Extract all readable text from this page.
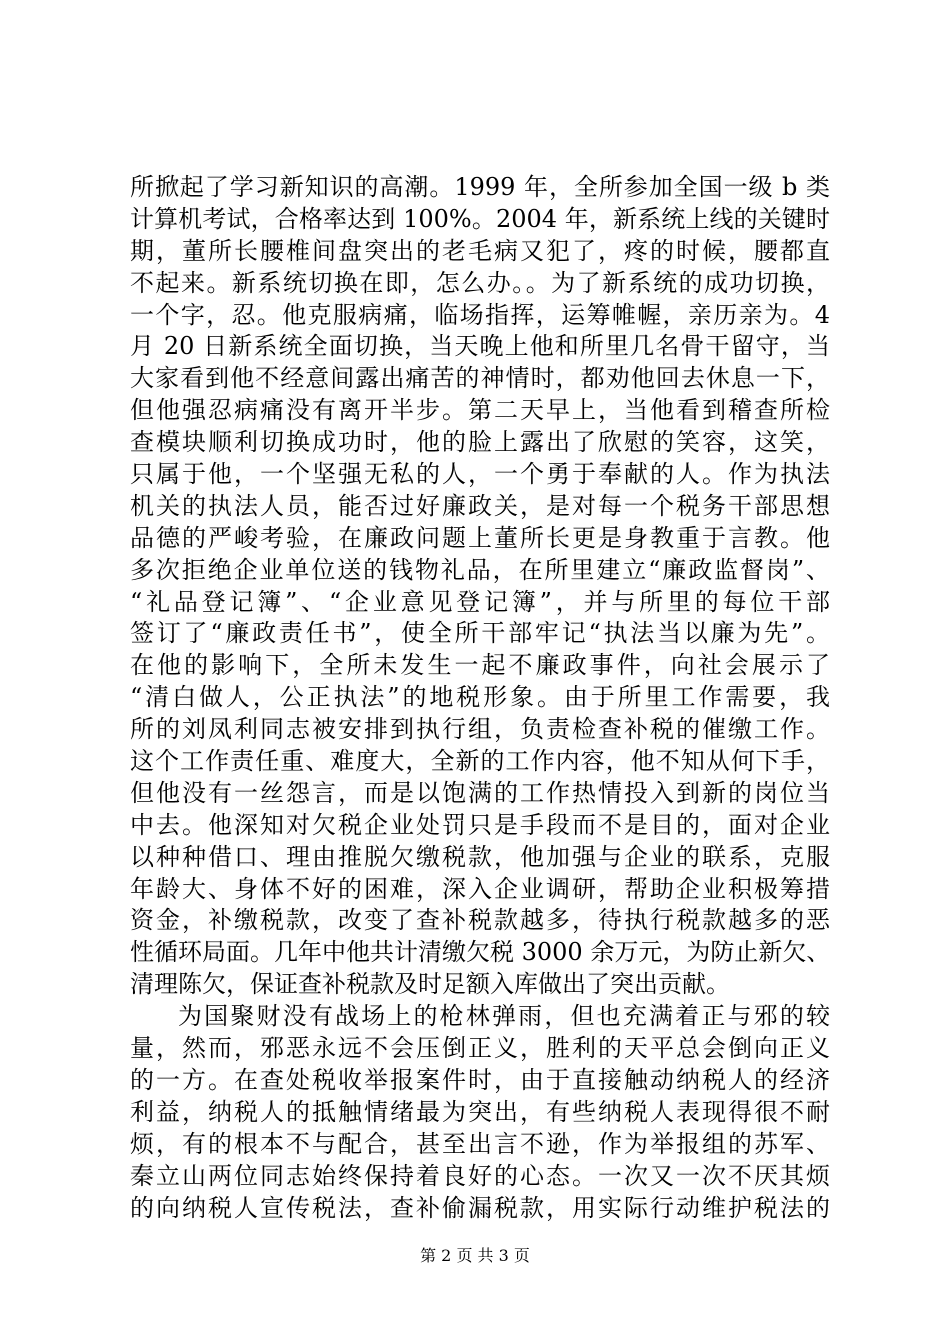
所掀起了学习新知识的高潮。1999 年，全所参加全国一级 b 类
计算机考试，合格率达到 100%。2004 年，新系统上线的关键时
期，董所长腰椎间盘突出的老毛病又犯了，疼的时候，腰都直
不起来。新系统切换在即，怎么办。。为了新系统的成功切换，
一个字，忍。他克服病痛，临场指挥，运筹帷幄，亲历亲为。4
月 20 日新系统全面切换，当天晚上他和所里几名骨干留守，当
大家看到他不经意间露出痛苦的神情时，都劝他回去休息一下，
但他强忍病痛没有离开半步。第二天早上，当他看到稽查所检
查模块顺利切换成功时，他的脸上露出了欣慰的笑容，这笑，
只属于他，一个坚强无私的人，一个勇于奉献的人。作为执法
机关的执法人员，能否过好廉政关，是对每一个税务干部思想
品德的严峻考验，在廉政问题上董所长更是身教重于言教。他
多次拒绝企业单位送的钱物礼品，在所里建立“廉政监督岗”、
“礼品登记簿”、“企业意见登记簿”，并与所里的每位干部
签订了“廉政责任书”，使全所干部牢记“执法当以廉为先”。
在他的影响下，全所未发生一起不廉政事件，向社会展示了
“清白做人，公正执法”的地税形象。由于所里工作需要，我
所的刘凤利同志被安排到执行组，负责检查补税的催缴工作。
这个工作责任重、难度大，全新的工作内容，他不知从何下手，
但他没有一丝怨言，而是以饱满的工作热情投入到新的岗位当
中去。他深知对欠税企业处罚只是手段而不是目的，面对企业
以种种借口、理由推脱欠缴税款，他加强与企业的联系，克服
年龄大、身体不好的困难，深入企业调研，帮助企业积极筹措
资金，补缴税款，改变了查补税款越多，待执行税款越多的恶
性循环局面。几年中他共计清缴欠税 3000 余万元，为防止新欠、
清理陈欠，保证查补税款及时足额入库做出了突出贡献。
为国聚财没有战场上的枪林弹雨，但也充满着正与邪的较
量，然而，邪恶永远不会压倒正义，胜利的天平总会倒向正义
的一方。在查处税收举报案件时，由于直接触动纳税人的经济
利益，纳税人的抵触情绪最为突出，有些纳税人表现得很不耐
烦，有的根本不与配合，甚至出言不逊，作为举报组的苏军、
秦立山两位同志始终保持着良好的心态。一次又一次不厌其烦
的向纳税人宣传税法，查补偷漏税款，用实际行动维护税法的
第 2 页 共 3 页
